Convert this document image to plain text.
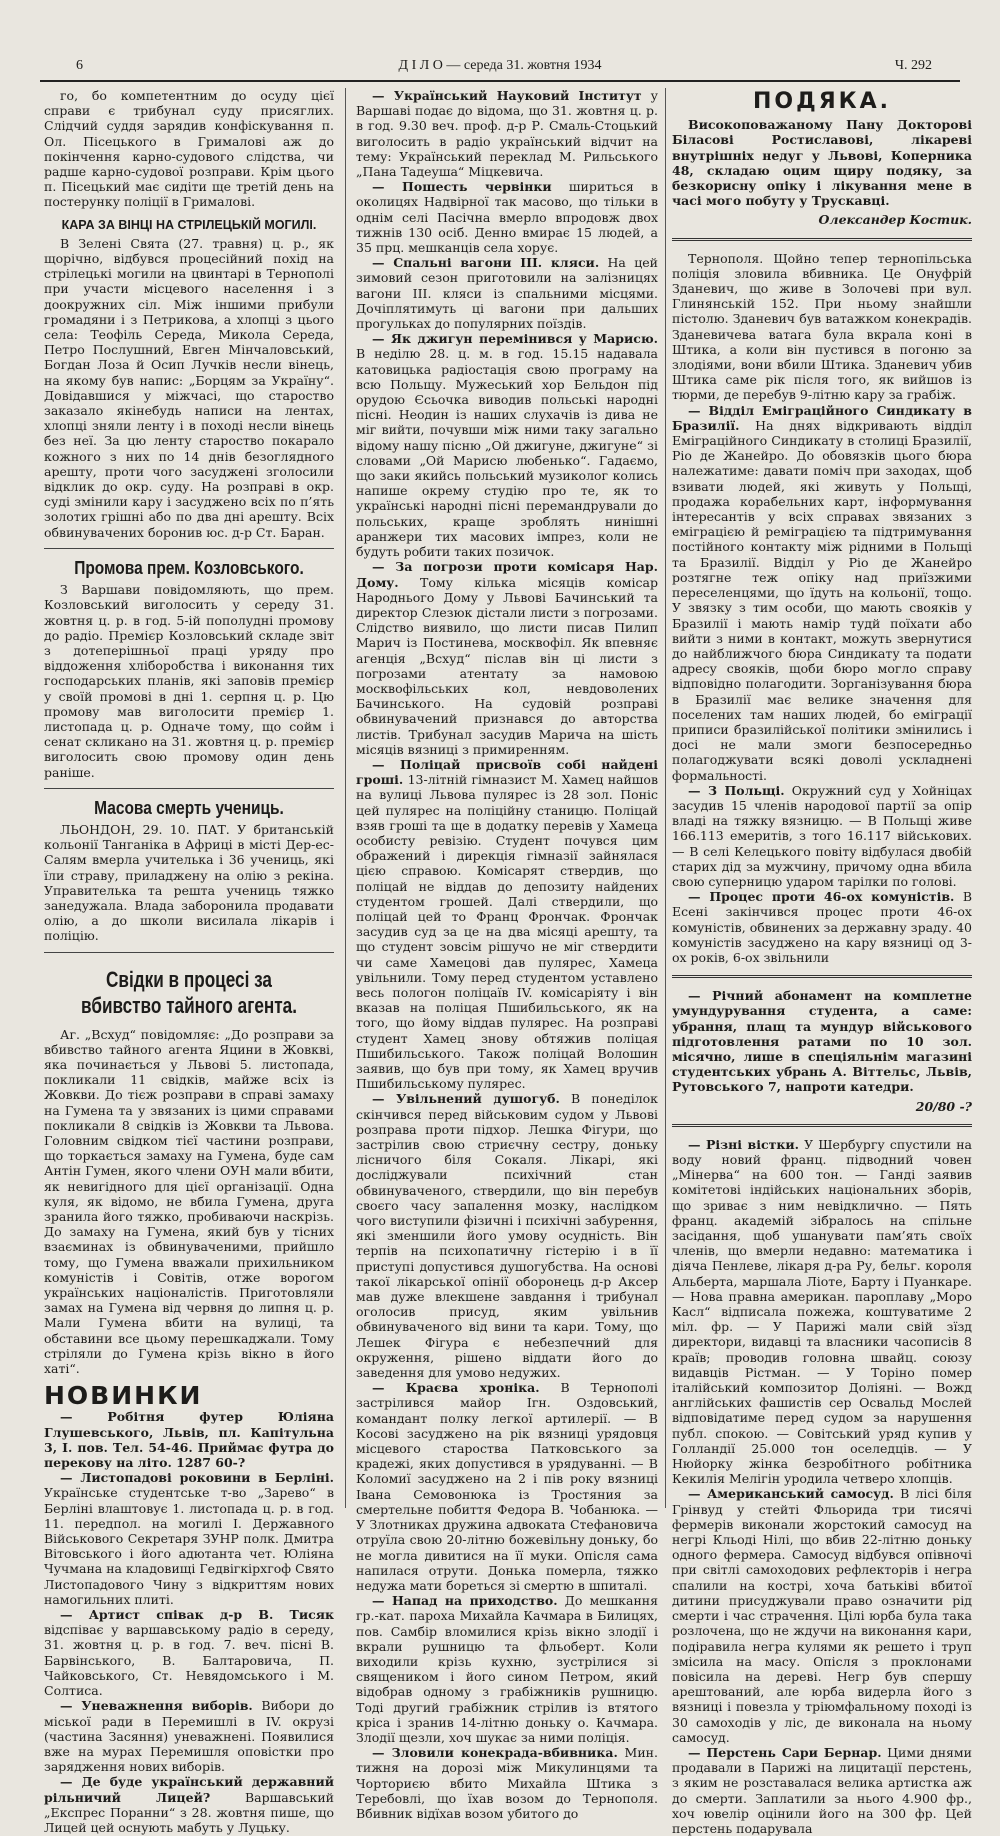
6	Д І Л О — середа 31. жовтня 1934	Ч. 292

го, бо компетентним до осуду цієї справи є трибунал суду присяглих. Слідчий суддя зарядив конфіскування п. Ол. Пісецького в Грималові аж до покінчення карно-судового слідства, чи радше карно-судової розправи. Крім цього п. Пісецький має сидіти ще третій день на постерунку поліції в Грималові.

КАРА ЗА ВІНЦІ НА СТРІЛЕЦЬКІЙ МОГИЛІ.

В Зелені Свята (27. травня) ц. р., як щорічно, відбувся процесійний похід на стрілецькі могили на цвинтарі в Тернополі при участи місцевого населення і з доокружних сіл. Між іншими прибули громадяни і з Петрикова, а хлопці з цього села: Теофіль Середа, Микола Середа, Петро Послушний, Евген Мінчаловський, Богдан Лоза й Осип Лучків несли вінець, на якому був напис: „Борцям за Україну“. Довідавшися у міжчасі, що староство заказало якінебудь написи на лентах, хлопці зняли ленту і в поході несли вінець без неї. За цю ленту староство покарало кожного з них по 14 днів безоглядного арешту, проти чого засуджені зголосили відклик до окр. суду. На розправі в окр. суді змінили кару і засуджено всіх по п’ять золотих грішні або по два дні арешту. Всіх обвинувачених боронив юс. д-р Ст. Баран.

Промова прем. Козловського.

З Варшави повідомляють, що прем. Козловський виголосить у середу 31. жовтня ц. р. в год. 5-ій пополудні промову до радіо. Премієр Козловський складе звіт з дотеперішньої праці уряду про віддоження хліборобства і виконання тих господарських планів, які заповів премієр у своїй промові в дні 1. серпня ц. р. Цю промову мав виголосити премієр 1. листопада ц. р. Одначе тому, що сойм і сенат скликано на 31. жовтня ц. р. премієр виголосить свою промову один день раніше.

Масова смерть учениць.

ЛЬОНДОН, 29. 10. ПАТ. У британській кольонії Танганіка в Африці в місті Дер-ес-Салям вмерла учителька і 36 учениць, які їли страву, приладжену на олію з рекіна. Управителька та решта учениць тяжко занедужала. Влада заборонила продавати олію, а до школи висилала лікарів і поліцію.

Свідки в процесі за вбивство тайного агента.

Аг. „Всхуд“ повідомляє: „До розправи за вбивство тайного агента Яцини в Жовкві, яка починається у Львові 5. листопада, покликали 11 свідків, майже всіх із Жовкви. До тієж розправи в справі замаху на Гумена та у звязаних із цими справами покликали 8 свідків із Жовкви та Львова. Головним свідком тієї частини розправи, що торкається замаху на Гумена, буде сам Антін Гумен, якого члени ОУН мали вбити, як невигідного для цієї організації. Одна куля, як відомо, не вбила Гумена, друга зранила його тяжко, пробиваючи наскрізь. До замаху на Гумена, який був у тісних взаєминах із обвинуваченими, прийшло тому, що Гумена вважали прихильником комуністів і Совітів, отже ворогом українських націоналістів. Приготовляли замах на Гумена від червня до липня ц. р. Мали Гумена вбити на вулиці, та обставини все цьому перешкаджали. Тому стріляли до Гумена крізь вікно в його хаті“.

НОВИНКИ

— Робітня футер Юліяна Глушевського, Львів, пл. Капітульна 3, І. пов. Тел. 54-46. Приймає футра до перекову на літо. 1287 60-?

— Листопадові роковини в Берліні. Українське студентське т-во „Зарево“ в Берліні влаштовує 1. листопада ц. р. в год. 11. передпол. на могилі І. Державного Військового Секретаря ЗУНР полк. Дмитра Вітовського і його адютанта чет. Юліяна Чучмана на кладовищі Гедвігкірхгоф Свято Листопадового Чину з відкриттям нових намогильних плиті.

— Артист співак д-р В. Тисяк відспіває у варшавському радіо в середу, 31. жовтня ц. р. в год. 7. веч. пісні В. Барвінського, В. Балтаровича, П. Чайковського, Ст. Невядомського і М. Солтиса.

— Уневажнення виборів. Вибори до міської ради в Перемишлі в IV. окрузі (частина Засяння) уневажнені. Появилися вже на мурах Перемишля оповістки про зарядження нових виборів.

— Де буде український державний рільничий Лицей?	Варшавський „Експрес Поранни“ з 28. жовтня пише, що Лицей цей оснують мабуть у Луцьку.

— Український Науковий Інститут у Варшаві подає до відома, що 31. жовтня ц. р. в год. 9.30 веч. проф. д-р Р. Смаль-Стоцький виголосить в радіо український відчит на тему: Український переклад М. Рильського „Пана Тадеуша“ Міцкевича.

— Пошесть червінки шириться в околицях Надвірної так масово, що тільки в однім селі Пасічна вмерло впродовж двох тижнів 130 осіб. Денно вмирає 15 людей, а 35 прц. мешканців села хорує.

— Спальні вагони III. кляси. На цей зимовий сезон приготовили на залізницях вагони III. кляси із спальними місцями. Дочіплятимуть ці вагони при дальших прогульках до популярних поїздів.

— Як джигун перемінився у Марисю. В неділю 28. ц. м. в год. 15.15 надавала катовицька радіостація свою програму на всю Польщу. Мужеський хор Бельдон під орудою Єсьочка виводив польські народні пісні. Неодин із наших слухачів із дива не міг вийти, почувши між ними таку загально відому нашу пісню „Ой джигуне, джигуне“ зі словами „Ой Марисю любенько“. Гадаємо, що заки якийсь польський музиколог колись напише окрему студію про те, як то українські народні пісні перемандрували до польських, краще зроблять нинішні аранжери тих масових імпрез, коли не будуть робити таких позичок.

— За погрози проти комісаря Нар. Дому. Тому кілька місяців комісар Народнього Дому у Львові Бачинський та директор Слезюк дістали листи з погрозами. Слідство виявило, що листи писав Пилип Марич із Постинева, москвофіл. Як впевняє агенція „Всхуд“ післав він ці листи з погрозами атентату за намовою москвофільських кол, невдоволених Бачинського. На судовій розправі обвинувачений признався до авторства листів. Трибунал засудив Марича на шість місяців вязниці з примиренням.

— Поліцай присвоїв собі найдені гроші. 13-літній гімназист М. Хамец найшов на вулиці Львова пулярес із 28 зол. Поніс цей пулярес на поліційну станицю. Поліцай взяв гроші та ще в додатку перевів у Хамеца особисту ревізію. Студент почувся цим ображений і дирекція гімназії зайнялася цією справою. Комісарят ствердив, що поліцай не віддав до депозиту найдених студентом грошей. Далі ствердили, що поліцай цей то Франц Фрончак. Фрончак засудив суд за це на два місяці арешту, та що студент зовсім рішучо не міг ствердити чи саме Хамецові дав пулярес, Хамеца увільнили. Тому перед студентом уставлено весь пологон поліцаїв IV. комісаріяту і він вказав на поліцая Пшибильського, як на того, що йому віддав пулярес. На розправі студент Хамец знову обтяжив поліцая Пшибильського. Також поліцай Волошин заявив, що був при тому, як Хамец вручив Пшибильському пулярес.

— Увільнений душогуб. В понеділок скінчився перед військовим судом у Львові розправа проти підхор. Лешка Фігури, що застрілив свою стриєчну сестру, доньку лісничого біля Сокаля. Лікарі, які досліджували психічний стан обвинуваченого, ствердили, що він перебув своєго часу запалення мозку, наслідком чого виступили фізичні і психічні забурення, які зменшили його умову осудність. Він терпів на психопатичну гістерію і в її приступі допустився душогубства. На основі такої лікарської опінії оборонець д-р Аксер мав дуже влекшене завдання і трибунал оголосив присуд, яким увільнив обвинуваченого від вини та кари. Тому, що Лешек Фігура є небезпечний для окруження, рішено віддати його до заведення для умово недужих.

— Краєва хроніка. В Тернополі застрілився майор Ігн. Оздовський, командант полку легкої артилерії. — В Косові засуджено на рік вязниці урядовця місцевого староства Патковського за крадежі, яких допустився в урядуванні. — В Коломиї засуджено на 2 і пів року вязниці Івана Семовонюка із Тростяния за смертельне побиття Федора В. Чобанюка. — У Злотниках дружина адвоката Стефановича отруїла свою 20-літню божевільну доньку, бо не могла дивитися на її муки. Опісля сама напилася отрути. Донька померла, тяжко недужа мати бореться зі смертю в шпиталі.

— Напад на приходство. До мешкання гр.-кат. пароха Михайла Качмара в Билицях, пов. Самбір вломилися крізь вікно злодії і вкрали рушницю та фльоберт. Коли виходили крізь кухню, зустрілися зі священиком і його сином Петром, який відобрав одному з грабіжників рушницю. Тоді другий грабіжник стрілив із втятого кріса і зранив 14-літню доньку о. Качмара. Злодії щезли, хоч шукає за ними поліція.

— Зловили конекрада-вбивника. Мин. тижня на дорозі між Микулинцями та Чорториєю вбито Михайла Штика з Теребовлі, що їхав возом до Тернополя. Вбивник відїхав возом убитого до

ПОДЯКА.

Високоповажаному Пану Докторові Біласові Ростиславові, лікареві внутрішніх недуг у Львові, Коперника 48, складаю оцим щиру подяку, за безкорисну опіку і лікування мене в часі мого побуту у Трускавці.

Олександер Костик.

Тернополя. Щойно тепер тернопільська поліція зловила вбивника. Це Онуфрій Зданевич, що живе в Золочеві при вул. Глинянській 152. При ньому знайшли пістолю. Зданевич був ватажком конекрадів. Зданевичева ватага була вкрала коні в Штика, а коли він пустився в погоню за злодіями, вони вбили Штика. Зданевич убив Штика саме рік після того, як вийшов із тюрми, де перебув 9-літню кару за грабіж.

— Відділ Еміграційного Синдикату в Бразилії. На днях відкривають відділ Еміграційного Синдикату в столиці Бразилії, Ріо де Жанейро. До обовязків цього бюра належатиме: давати поміч при заходах, щоб взивати людей, які живуть у Польщі, продажа корабельних карт, інформування інтересантів у всіх справах звязаних з еміграцією й реміграцією та підтримування постійного контакту між рідними в Польщі та Бразилії. Відділ у Ріо де Жанейро розтягне теж опіку над приїзжими переселенцями, що їдуть на кольонії, тощо. У звязку з тим особи, що мають свояків у Бразилії і мають намір тудй поїхати або вийти з ними в контакт, можуть звернутися до найближчого бюра Синдикату та подати адресу свояків, щоби бюро могло справу відповідно полагодити. Зорганізування бюра в Бразилії має велике значення для поселених там наших людей, бо еміграції приписи бразилійської політики змінились і досі не мали змоги безпосередньо полагоджувати всякі доволі ускладнені формальності.

— З Польщі. Окружний суд у Хойніцах засудив 15 членів народової партії за опір владі на тяжку вязницю. — В Польщі живе 166.113 емеритів, з того 16.117 військових. — В селі Келецького повіту відбулася двобій старих дід за мужчину, причому одна вбила свою суперницю ударом тарілки по голові.

— Процес проти 46-ох комуністів. В Есені закінчився процес проти 46-ох комуністів, обвинених за державну зраду. 40 комуністів засуджено на кару вязниці од 3-ох років, 6-ох звільнили

— Річний абонамент на комплетне умундурування студента, а саме: убрання, плащ та мундур військового підготовлення ратами по 10 зол. місячно, лише в спеціяльнім магазині студентських убрань А. Віттельс, Львів, Рутовського 7, напроти катедри.

20/80 -?

— Різні вістки. У Шербургу спустили на воду новий франц. підводний човен „Мінерва“ на 600 тон. — Ганді заявив комітетові індійських національних зборів, що зриває з ним невідкличнo. — Пять франц. академій зібралось на спільне засідання, щоб ушанувати пам’ять своїх членів, що вмерли недавно: математика і діяча Пенлеве, лікаря д-ра Ру, бельг. короля Альберта, маршала Ліоте, Барту і Пуанкаре. — Нова правна американ. пароплаву „Моро Касл“ відписала пожежа, коштуватиме 2 міл. фр. — У Парижі мали свій зїзд директори, видавці та власники часописів 8 країв; проводив головна швайц. союзу видавців Рістман. — У Торіно помер італійський композитор Доліяні. — Вожд англійських фашистів сер Освальд Мослей відповідатиме перед судом за нарушення публ. спокою. — Совітський уряд купив у Голландії 25.000 тон оселедців. — У Нюйорку жінка безробітного робітника Кекилія Мелігін уродила четверо хлопців.

— Американський самосуд. В лісі біля Грінвуд у стейті Фльорида три тисячі фермерів виконали жорстокий самосуд на негрі Кльоді Нілі, що вбив 22-літню доньку одного фермера. Самосуд відбувся опівночі при світлі самоходових рефлекторів і негра спалили на кострі, хоча батьківі вбитої дитини присуджували право означити рід смерти і час страчення. Цілі юрба була така розлочена, що не ждучи на виконання кари, подіравила негра кулями як решето і труп змісила на масу. Опісля з проклонами повісила на дереві. Негр був спершу арештований, але юрба видерла його з вязниці і повезла у тріюмфальному поході із 30 самоходів у ліс, де виконала на ньому самосуд.

— Перстень Сари Бернар. Цими днями продавали в Парижі на лицитації перстень, з яким не розставалася велика артистка аж до смерти. Заплатили за нього 4.900 фр., хоч ювелір оцінили його на 300 фр. Цей перстень подарувала
